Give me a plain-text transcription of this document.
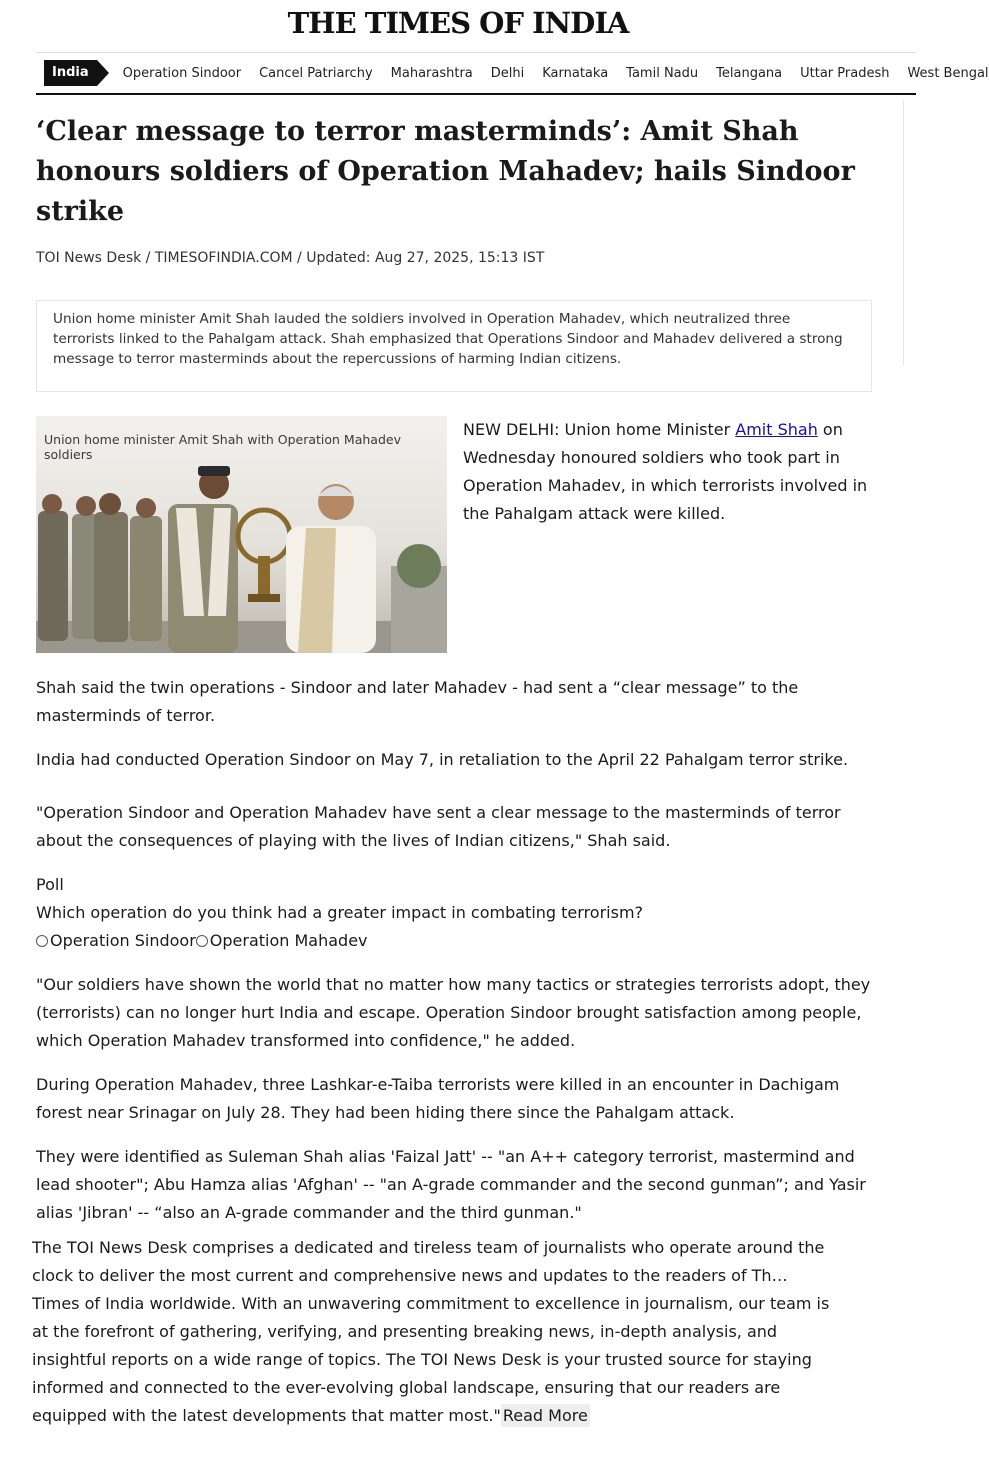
THE TIMES OF INDIA
India	Operation Sindoor Cancel Patriarchy Maharashtra Delhi Karnataka Tamil Nadu Telangana Uttar Pradesh West Bengal
‘Clear message to terror masterminds’: Amit Shah honours soldiers of Operation Mahadev; hails Sindoor strike
TOI News Desk / TIMESOFINDIA.COM / Updated: Aug 27, 2025, 15:13 IST

Union home minister Amit Shah lauded the soldiers involved in Operation Mahadev, which neutralized three terrorists linked to the Pahalgam attack. Shah emphasized that Operations Sindoor and Mahadev delivered a strong message to terror masterminds about the repercussions of harming Indian citizens.

Union home minister Amit Shah with Operation Mahadev soldiers
NEW DELHI: Union home Minister Amit Shah on Wednesday honoured soldiers who took part in Operation Mahadev, in which terrorists involved in the Pahalgam attack were killed.

Shah said the twin operations - Sindoor and later Mahadev - had sent a “clear message” to the masterminds of terror.

India had conducted Operation Sindoor on May 7, in retaliation to the April 22 Pahalgam terror strike.

"Operation Sindoor and Operation Mahadev have sent a clear message to the masterminds of terror about the consequences of playing with the lives of Indian citizens," Shah said.

Poll
Which operation do you think had a greater impact in combating terrorism?
Operation Sindoor Operation Mahadev

"Our soldiers have shown the world that no matter how many tactics or strategies terrorists adopt, they (terrorists) can no longer hurt India and escape. Operation Sindoor brought satisfaction among people, which Operation Mahadev transformed into confidence," he added.

During Operation Mahadev, three Lashkar-e-Taiba terrorists were killed in an encounter in Dachigam forest near Srinagar on July 28. They had been hiding there since the Pahalgam attack.

They were identified as Suleman Shah alias 'Faizal Jatt' -- "an A++ category terrorist, mastermind and lead shooter"; Abu Hamza alias 'Afghan' -- "an A-grade commander and the second gunman”; and Yasir alias 'Jibran' -- “also an A-grade commander and the third gunman."

The TOI News Desk comprises a dedicated and tireless team of journalists who operate around the clock to deliver the most current and comprehensive news and updates to the readers of Th… Times of India worldwide. With an unwavering commitment to excellence in journalism, our team is at the forefront of gathering, verifying, and presenting breaking news, in-depth analysis, and insightful reports on a wide range of topics. The TOI News Desk is your trusted source for staying informed and connected to the ever-evolving global landscape, ensuring that our readers are equipped with the latest developments that matter most." Read More
